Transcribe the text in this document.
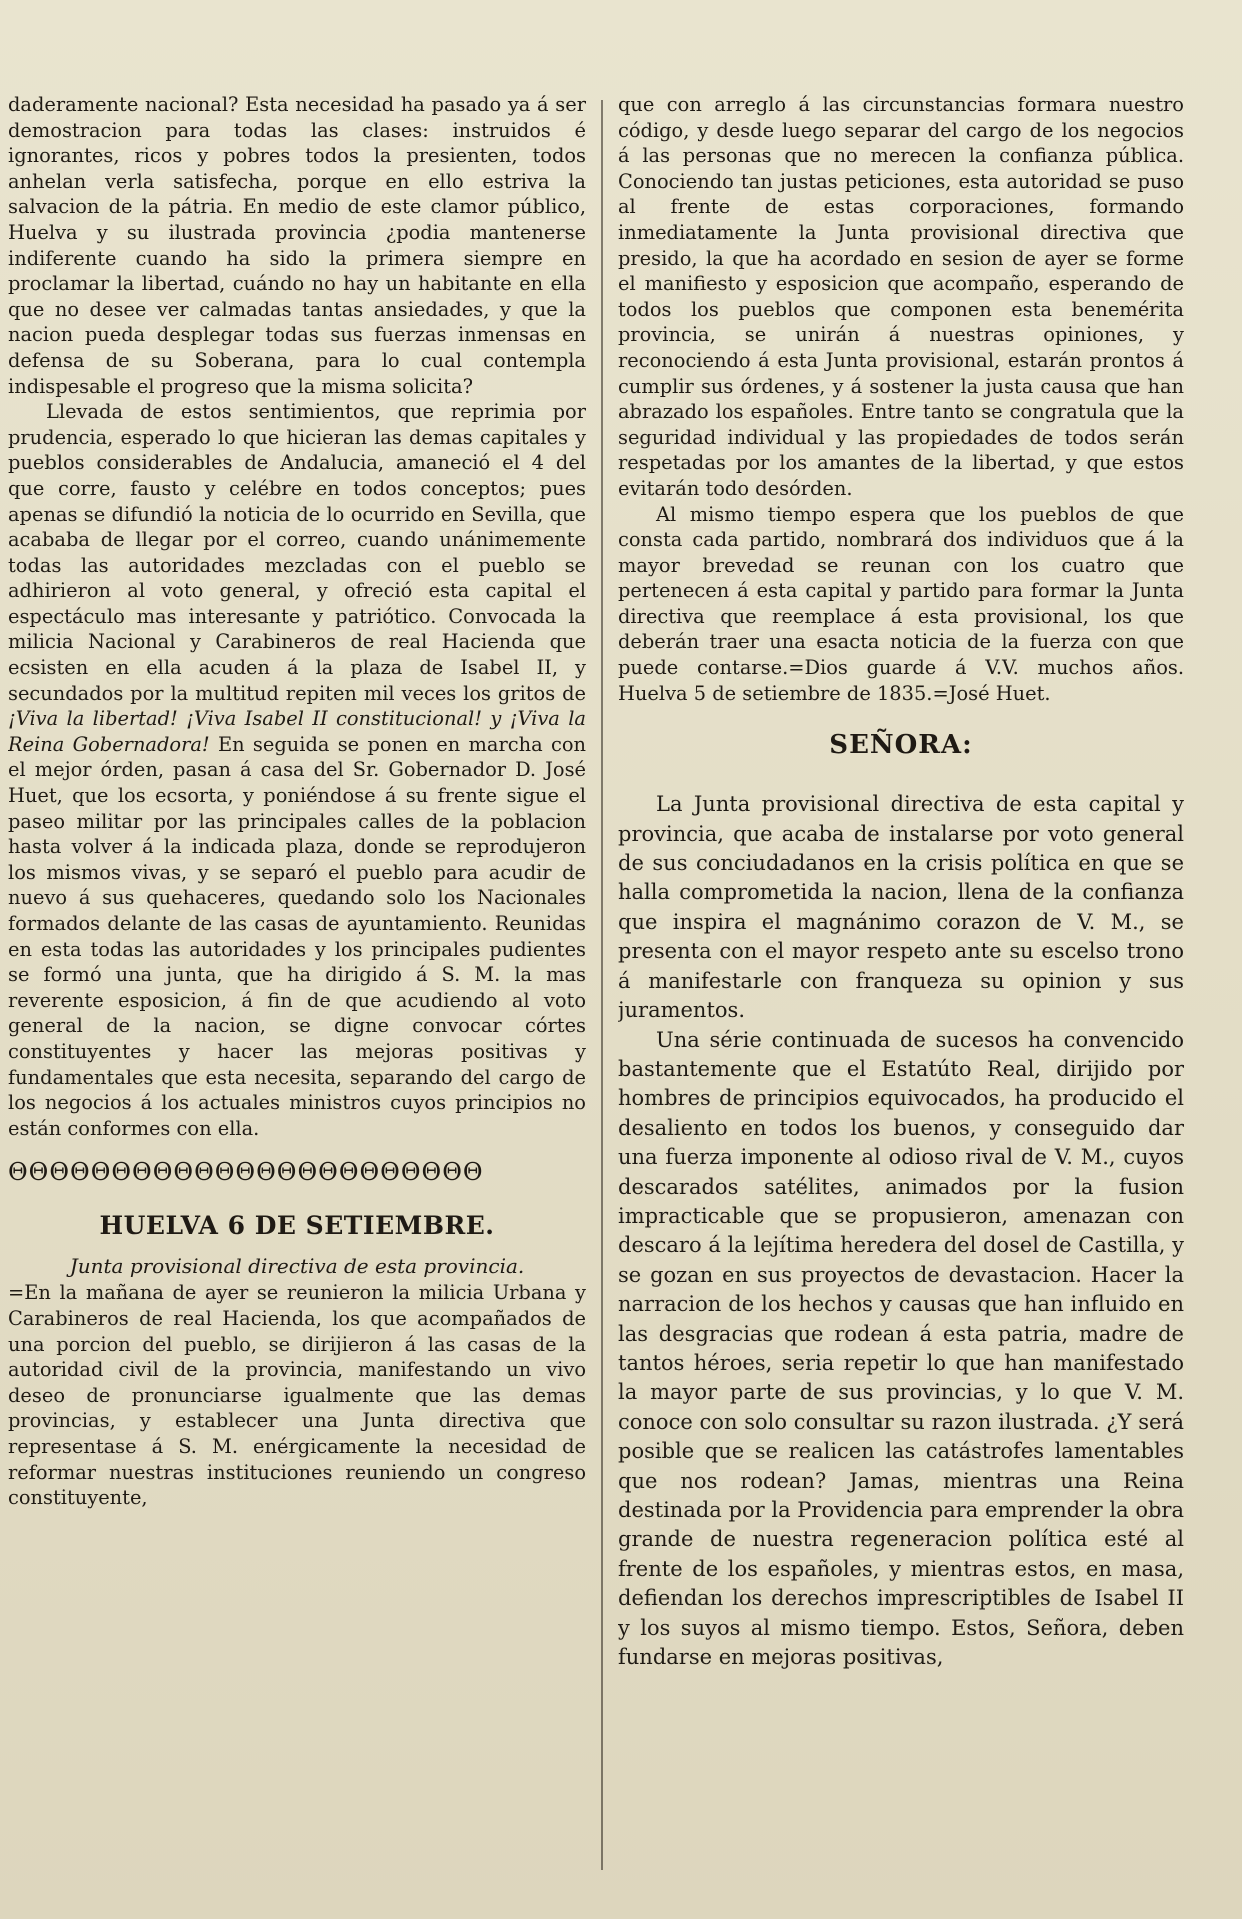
daderamente nacional? Esta necesidad ha pasado ya á ser demostracion para todas las clases: instruidos é ignorantes, ricos y pobres todos la presienten, todos anhelan verla satisfecha, porque en ello estriva la salvacion de la pátria. En medio de este clamor público, Huelva y su ilustrada provincia ¿podia mantenerse indiferente cuando ha sido la primera siempre en proclamar la libertad, cuándo no hay un habitante en ella que no desee ver calmadas tantas ansiedades, y que la nacion pueda desplegar todas sus fuerzas inmensas en defensa de su Soberana, para lo cual contempla indispesable el progreso que la misma solicita?

Llevada de estos sentimientos, que reprimia por prudencia, esperado lo que hicieran las demas capitales y pueblos considerables de Andalucia, amaneció el 4 del que corre, fausto y celébre en todos conceptos; pues apenas se difundió la noticia de lo ocurrido en Sevilla, que acababa de llegar por el correo, cuando unánimemente todas las autoridades mezcladas con el pueblo se adhirieron al voto general, y ofreció esta capital el espectáculo mas interesante y patriótico. Convocada la milicia Nacional y Carabineros de real Hacienda que ecsisten en ella acuden á la plaza de Isabel II, y secundados por la multitud repiten mil veces los gritos de ¡Viva la libertad! ¡Viva Isabel II constitucional! y ¡Viva la Reina Gobernadora! En seguida se ponen en marcha con el mejor órden, pasan á casa del Sr. Gobernador D. José Huet, que los ecsorta, y poniéndose á su frente sigue el paseo militar por las principales calles de la poblacion hasta volver á la indicada plaza, donde se reprodujeron los mismos vivas, y se separó el pueblo para acudir de nuevo á sus quehaceres, quedando solo los Nacionales formados delante de las casas de ayuntamiento. Reunidas en esta todas las autoridades y los principales pudientes se formó una junta, que ha dirigido á S. M. la mas reverente esposicion, á fin de que acudiendo al voto general de la nacion, se digne convocar córtes constituyentes y hacer las mejoras positivas y fundamentales que esta necesita, separando del cargo de los negocios á los actuales ministros cuyos principios no están conformes con ella.

ΘΘΘΘΘΘΘΘΘΘΘΘΘΘΘΘΘΘΘΘΘΘΘ
HUELVA 6 DE SETIEMBRE.
Junta provisional directiva de esta provincia.

=En la mañana de ayer se reunieron la milicia Urbana y Carabineros de real Hacienda, los que acompañados de una porcion del pueblo, se dirijieron á las casas de la autoridad civil de la provincia, manifestando un vivo deseo de pronunciarse igualmente que las demas provincias, y establecer una Junta directiva que representase á S. M. enérgicamente la necesidad de reformar nuestras instituciones reuniendo un congreso constituyente,

que con arreglo á las circunstancias formara nuestro código, y desde luego separar del cargo de los negocios á las personas que no merecen la confianza pública. Conociendo tan justas peticiones, esta autoridad se puso al frente de estas corporaciones, formando inmediatamente la Junta provisional directiva que presido, la que ha acordado en sesion de ayer se forme el manifiesto y esposicion que acompaño, esperando de todos los pueblos que componen esta benemérita provincia, se unirán á nuestras opiniones, y reconociendo á esta Junta provisional, estarán prontos á cumplir sus órdenes, y á sostener la justa causa que han abrazado los españoles. Entre tanto se congratula que la seguridad individual y las propiedades de todos serán respetadas por los amantes de la libertad, y que estos evitarán todo desórden.

Al mismo tiempo espera que los pueblos de que consta cada partido, nombrará dos individuos que á la mayor brevedad se reunan con los cuatro que pertenecen á esta capital y partido para formar la Junta directiva que reemplace á esta provisional, los que deberán traer una esacta noticia de la fuerza con que puede contarse.=Dios guarde á V.V. muchos años. Huelva 5 de setiembre de 1835.=José Huet.

SEÑORA:

La Junta provisional directiva de esta capital y provincia, que acaba de instalarse por voto general de sus conciudadanos en la crisis política en que se halla comprometida la nacion, llena de la confianza que inspira el magnánimo corazon de V. M., se presenta con el mayor respeto ante su escelso trono á manifestarle con franqueza su opinion y sus juramentos.

Una série continuada de sucesos ha convencido bastantemente que el Estatúto Real, dirijido por hombres de principios equivocados, ha producido el desaliento en todos los buenos, y conseguido dar una fuerza imponente al odioso rival de V. M., cuyos descarados satélites, animados por la fusion impracticable que se propusieron, amenazan con descaro á la lejítima heredera del dosel de Castilla, y se gozan en sus proyectos de devastacion. Hacer la narracion de los hechos y causas que han influido en las desgracias que rodean á esta patria, madre de tantos héroes, seria repetir lo que han manifestado la mayor parte de sus provincias, y lo que V. M. conoce con solo consultar su razon ilustrada. ¿Y será posible que se realicen las catástrofes lamentables que nos rodean? Jamas, mientras una Reina destinada por la Providencia para emprender la obra grande de nuestra regeneracion política esté al frente de los españoles, y mientras estos, en masa, defiendan los derechos imprescriptibles de Isabel II y los suyos al mismo tiempo. Estos, Señora, deben fundarse en mejoras positivas,
